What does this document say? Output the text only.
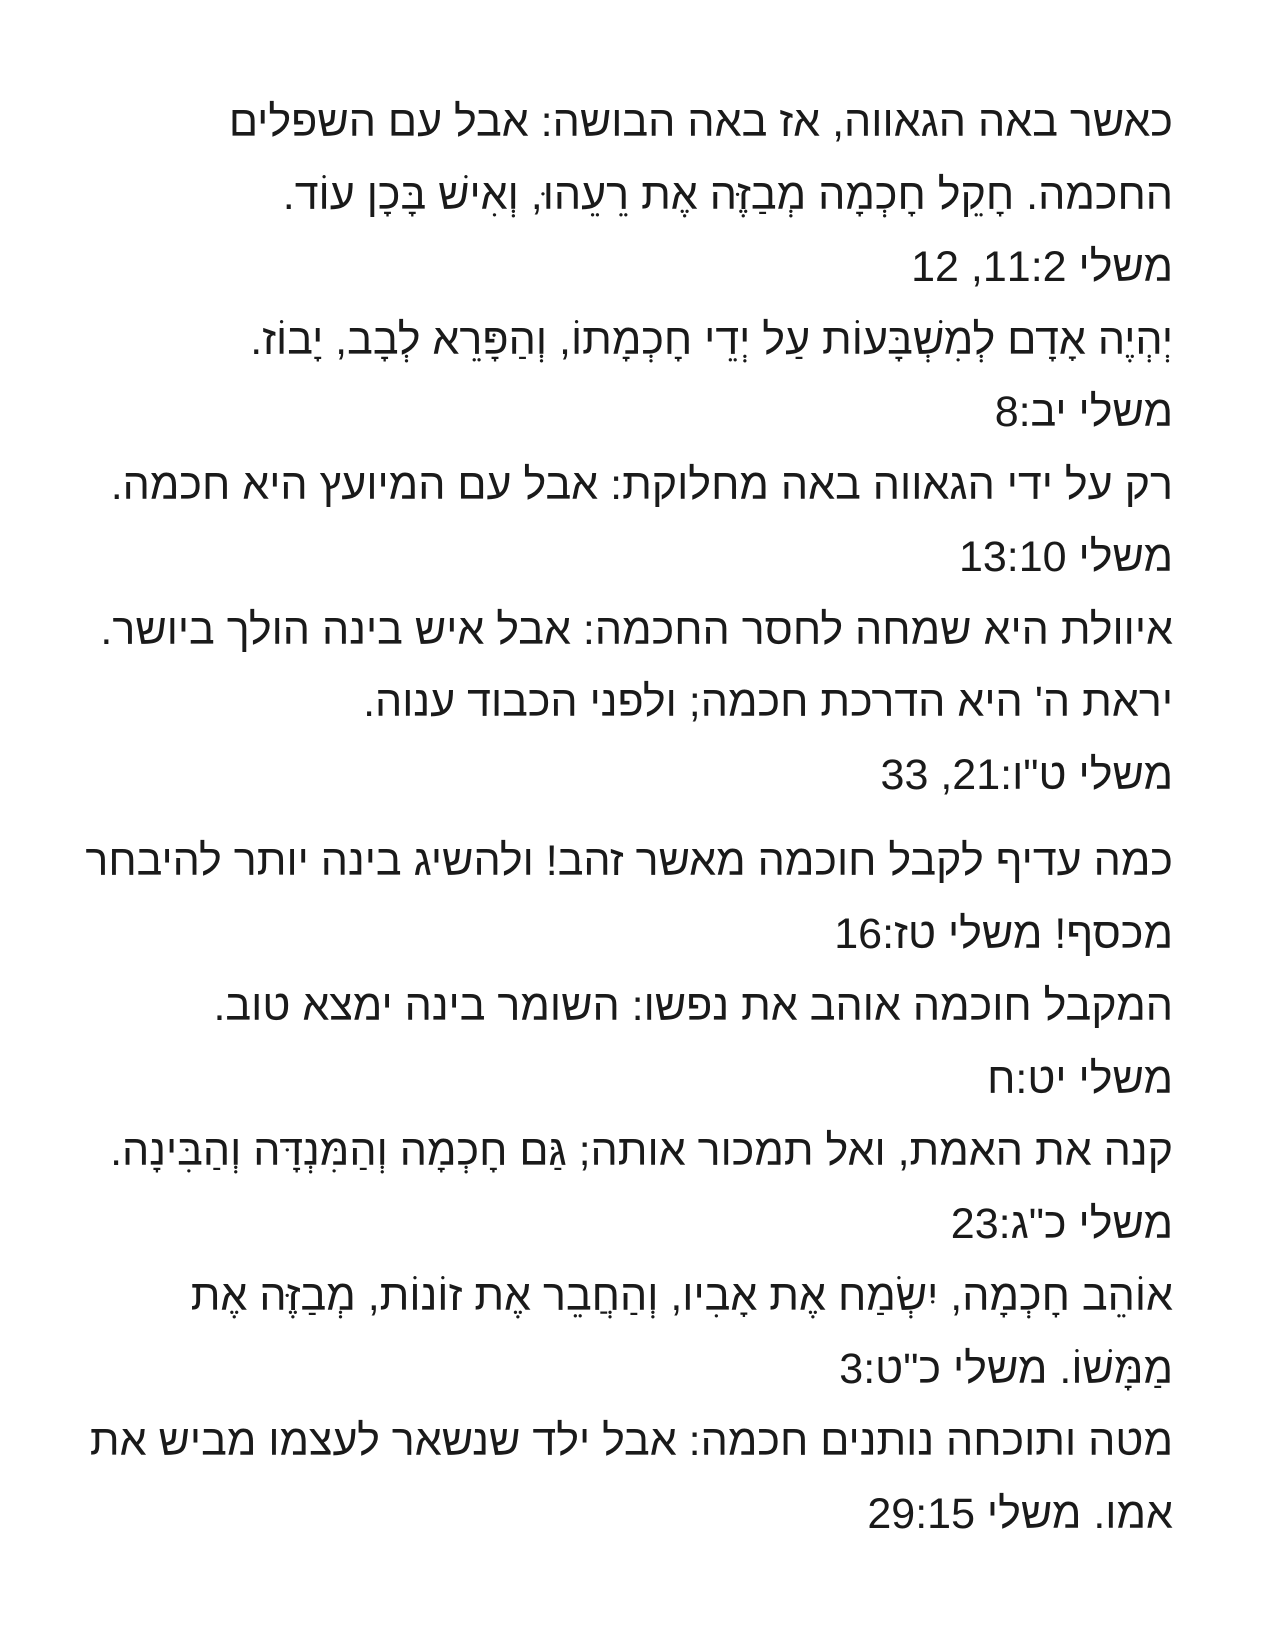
כאשר באה הגאווה, אז באה הבושה: אבל עם השפלים
החכמה. חָקֵל חָכְמָה מְבַזֶּה אֶת רֵעֵהוּ, וְאִישׁ בָּכָן עוֹד.
משלי 11:2, 12
יְהְיֶה אָדָם לְמִשְׁבָּעוֹת עַל יְדֵי חָכְמָתוֹ, וְהַפָּרֵא לְבָב, יָבוֹז.
משלי יב:8
רק על ידי הגאווה באה מחלוקת: אבל עם המיועץ היא חכמה.
משלי 13:10
איוולת היא שמחה לחסר החכמה: אבל איש בינה הולך ביושר.
יראת ה' היא הדרכת חכמה; ולפני הכבוד ענוה.
משלי ט"ו:21, 33
כמה עדיף לקבל חוכמה מאשר זהב! ולהשיג בינה יותר להיבחר
מכסף! משלי טז:16
המקבל חוכמה אוהב את נפשו: השומר בינה ימצא טוב.
משלי יט:ח
קנה את האמת, ואל תמכור אותה; גַּם חָכְמָה וְהַמִּנְדָּה וְהַבִּינָה.
משלי כ"ג:23
אוֹהֵב חָכְמָה, יִשְׂמַח אֶת אָבִיו, וְהַחֲבֵר אֶת זוֹנוֹת, מְבַזֶּה אֶת
מַמָּשׁוֹ. משלי כ"ט:3
מטה ותוכחה נותנים חכמה: אבל ילד שנשאר לעצמו מביש את
אמו. משלי 29:15
